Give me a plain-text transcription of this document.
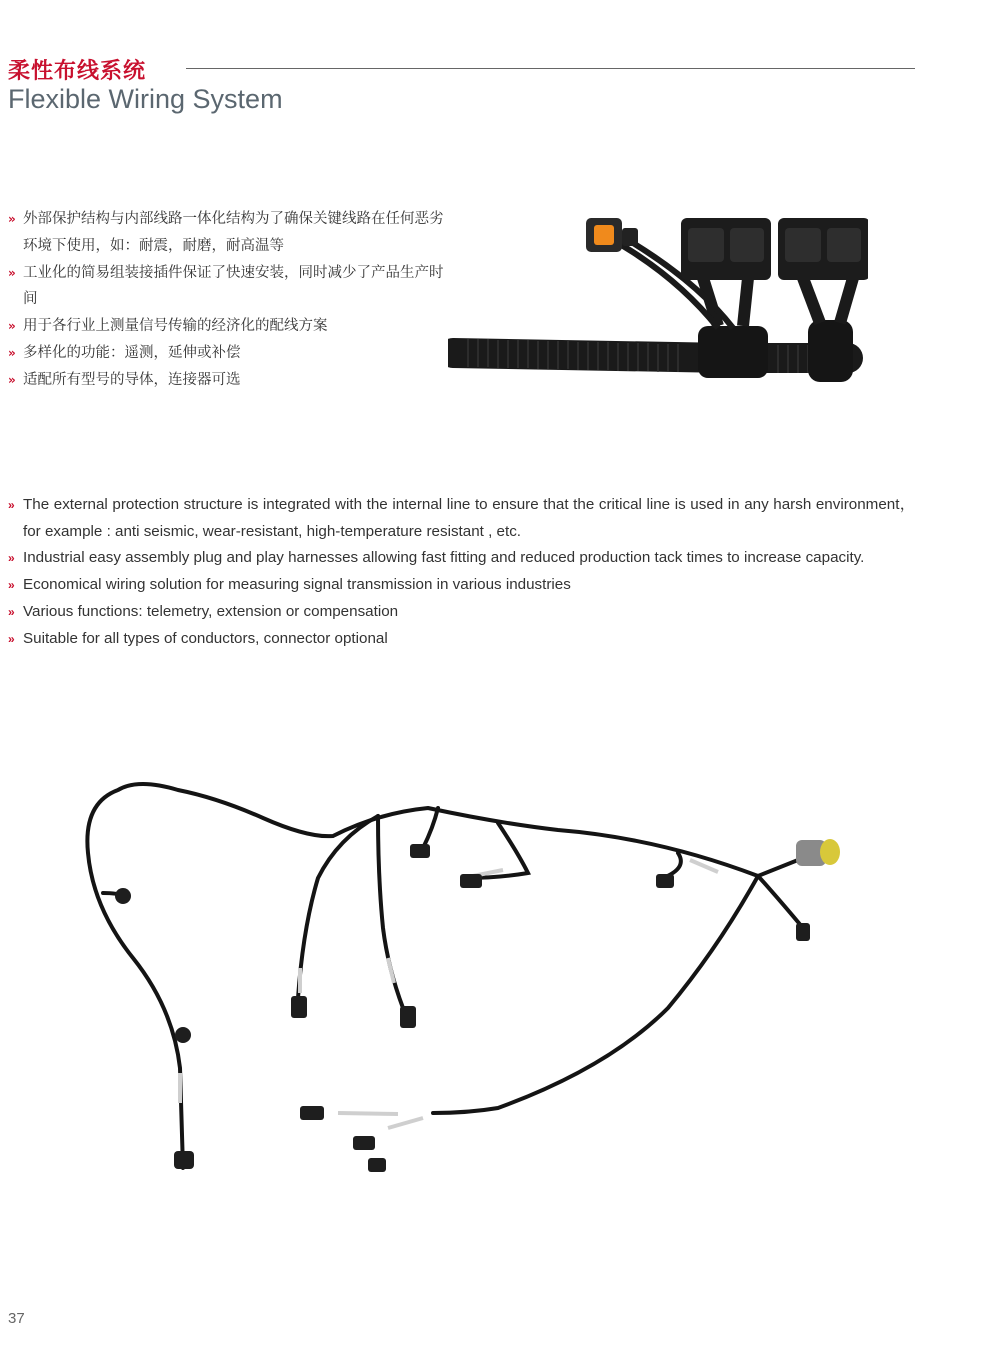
柔性布线系统
Flexible Wiring System
» 外部保护结构与内部线路一体化结构为了确保关键线路在任何恶劣环境下使用，如：耐震，耐磨，耐高温等
» 工业化的简易组装接插件保证了快速安装，同时减少了产品生产时间
» 用于各行业上测量信号传输的经济化的配线方案
» 多样化的功能：遥测，延伸或补偿
» 适配所有型号的导体，连接器可选
» The external protection structure is integrated with the internal line to ensure that the critical line is used in any harsh environment，for example : anti seismic, wear-resistant, high-temperature resistant , etc.
» Industrial easy assembly plug and play harnesses allowing fast fitting and reduced production tack times to increase capacity.
» Economical wiring solution for measuring signal transmission in various industries
» Various functions: telemetry, extension or compensation
» Suitable for all types of conductors, connector optional
37
